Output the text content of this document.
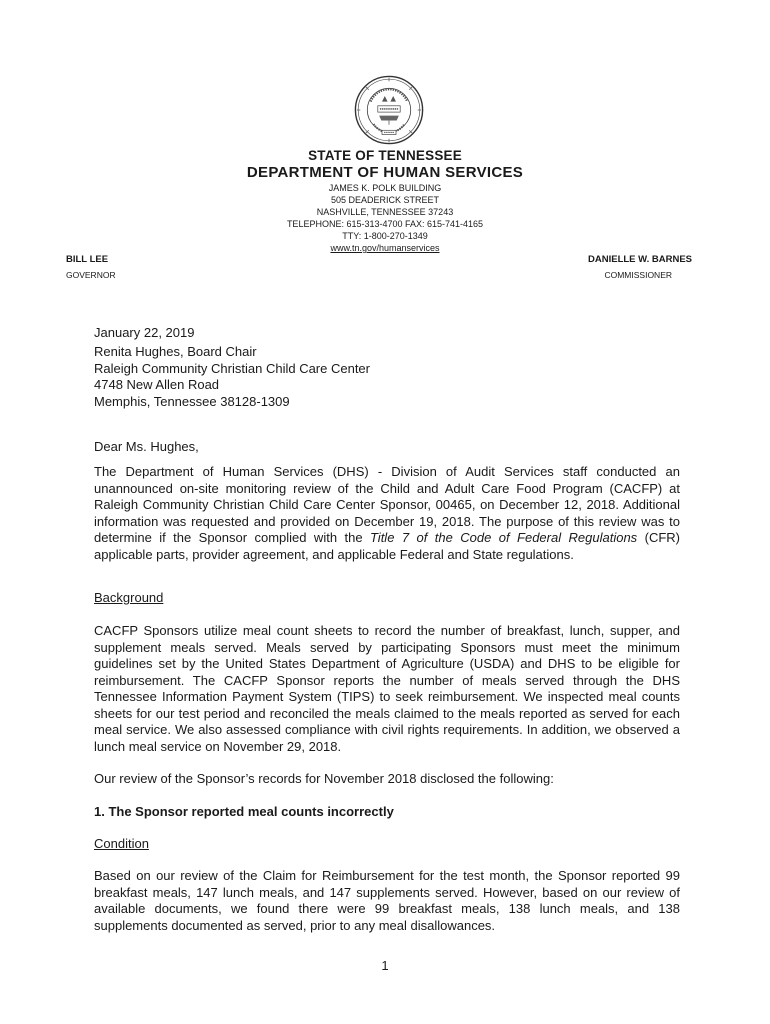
STATE OF TENNESSEE
DEPARTMENT OF HUMAN SERVICES
JAMES K. POLK BUILDING
505 DEADERICK STREET
NASHVILLE, TENNESSEE 37243
TELEPHONE: 615-313-4700 FAX: 615-741-4165
TTY: 1-800-270-1349
www.tn.gov/humanservices
BILL LEE
GOVERNOR
DANIELLE W. BARNES
COMMISSIONER

January 22, 2019

Renita Hughes, Board Chair

Raleigh Community Christian Child Care Center

4748 New Allen Road

Memphis, Tennessee 38128-1309

Dear Ms. Hughes,

The Department of Human Services (DHS) - Division of Audit Services staff conducted an unannounced on-site monitoring review of the Child and Adult Care Food Program (CACFP) at Raleigh Community Christian Child Care Center Sponsor, 00465, on December 12, 2018. Additional information was requested and provided on December 19, 2018. The purpose of this review was to determine if the Sponsor complied with the Title 7 of the Code of Federal Regulations (CFR) applicable parts, provider agreement, and applicable Federal and State regulations.

Background

CACFP Sponsors utilize meal count sheets to record the number of breakfast, lunch, supper, and supplement meals served. Meals served by participating Sponsors must meet the minimum guidelines set by the United States Department of Agriculture (USDA) and DHS to be eligible for reimbursement. The CACFP Sponsor reports the number of meals served through the DHS Tennessee Information Payment System (TIPS) to seek reimbursement. We inspected meal counts sheets for our test period and reconciled the meals claimed to the meals reported as served for each meal service. We also assessed compliance with civil rights requirements. In addition, we observed a lunch meal service on November 29, 2018.

Our review of the Sponsor’s records for November 2018 disclosed the following:

1. The Sponsor reported meal counts incorrectly

Condition

Based on our review of the Claim for Reimbursement for the test month, the Sponsor reported 99 breakfast meals, 147 lunch meals, and 147 supplements served. However, based on our review of available documents, we found there were 99 breakfast meals, 138 lunch meals, and 138 supplements documented as served, prior to any meal disallowances.

1
